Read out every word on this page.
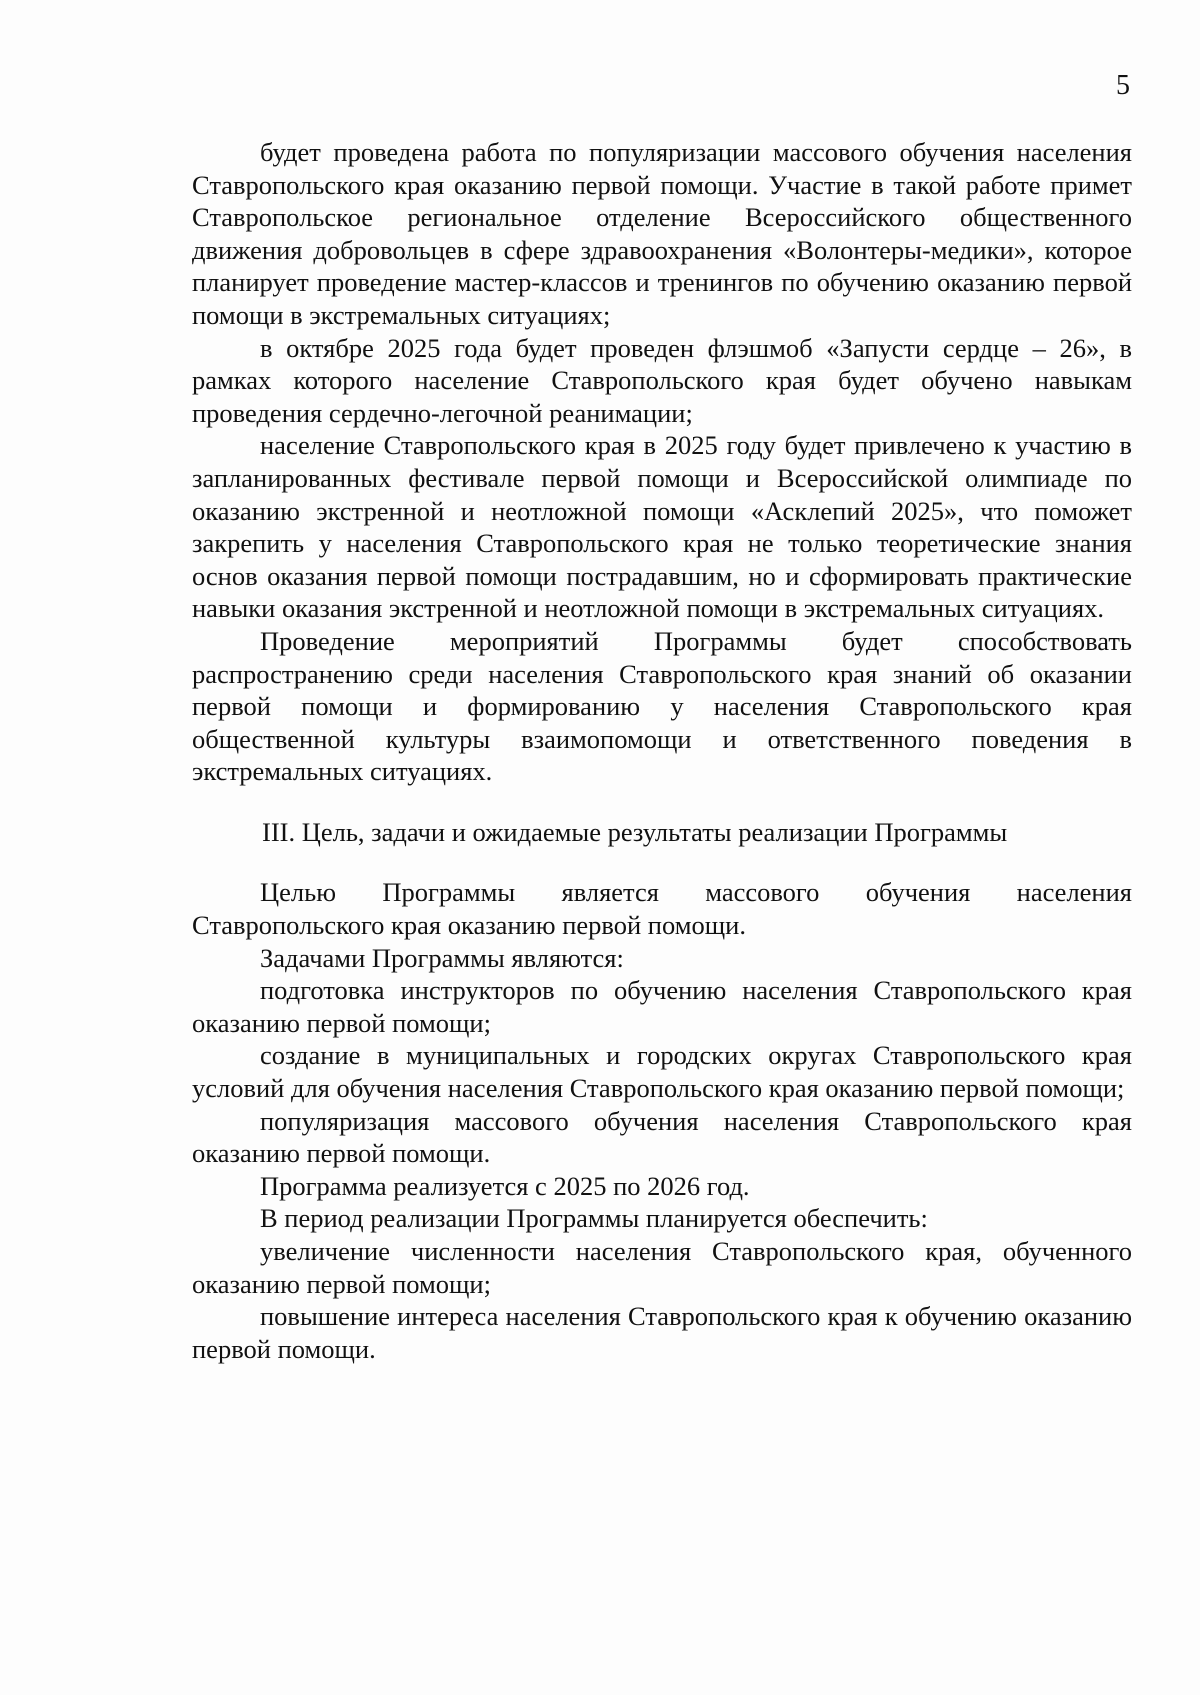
5

будет проведена работа по популяризации массового обучения населения Ставропольского края оказанию первой помощи. Участие в такой работе примет Ставропольское региональное отделение Всероссийского общественного движения добровольцев в сфере здравоохранения «Волонтеры-медики», которое планирует проведение мастер-классов и тренингов по обучению оказанию первой помощи в экстремальных ситуациях;

в октябре 2025 года будет проведен флэшмоб «Запусти сердце – 26», в рамках которого население Ставропольского края будет обучено навыкам проведения сердечно-легочной реанимации;

население Ставропольского края в 2025 году будет привлечено к участию в запланированных фестивале первой помощи и Всероссийской олимпиаде по оказанию экстренной и неотложной помощи «Асклепий 2025», что поможет закрепить у населения Ставропольского края не только теоретические знания основ оказания первой помощи пострадавшим, но и сформировать практические навыки оказания экстренной и неотложной помощи в экстремальных ситуациях.

Проведение мероприятий Программы будет способствовать распространению среди населения Ставропольского края знаний об оказании первой помощи и формированию у населения Ставропольского края общественной культуры взаимопомощи и ответственного поведения в экстремальных ситуациях.

III. Цель, задачи и ожидаемые результаты реализации Программы

Целью Программы является массового обучения населения Ставропольского края оказанию первой помощи.

Задачами Программы являются:

подготовка инструкторов по обучению населения Ставропольского края оказанию первой помощи;

создание в муниципальных и городских округах Ставропольского края условий для обучения населения Ставропольского края оказанию первой помощи;

популяризация массового обучения населения Ставропольского края оказанию первой помощи.

Программа реализуется с 2025 по 2026 год.

В период реализации Программы планируется обеспечить:

увеличение численности населения Ставропольского края, обученного оказанию первой помощи;

повышение интереса населения Ставропольского края к обучению оказанию первой помощи.
